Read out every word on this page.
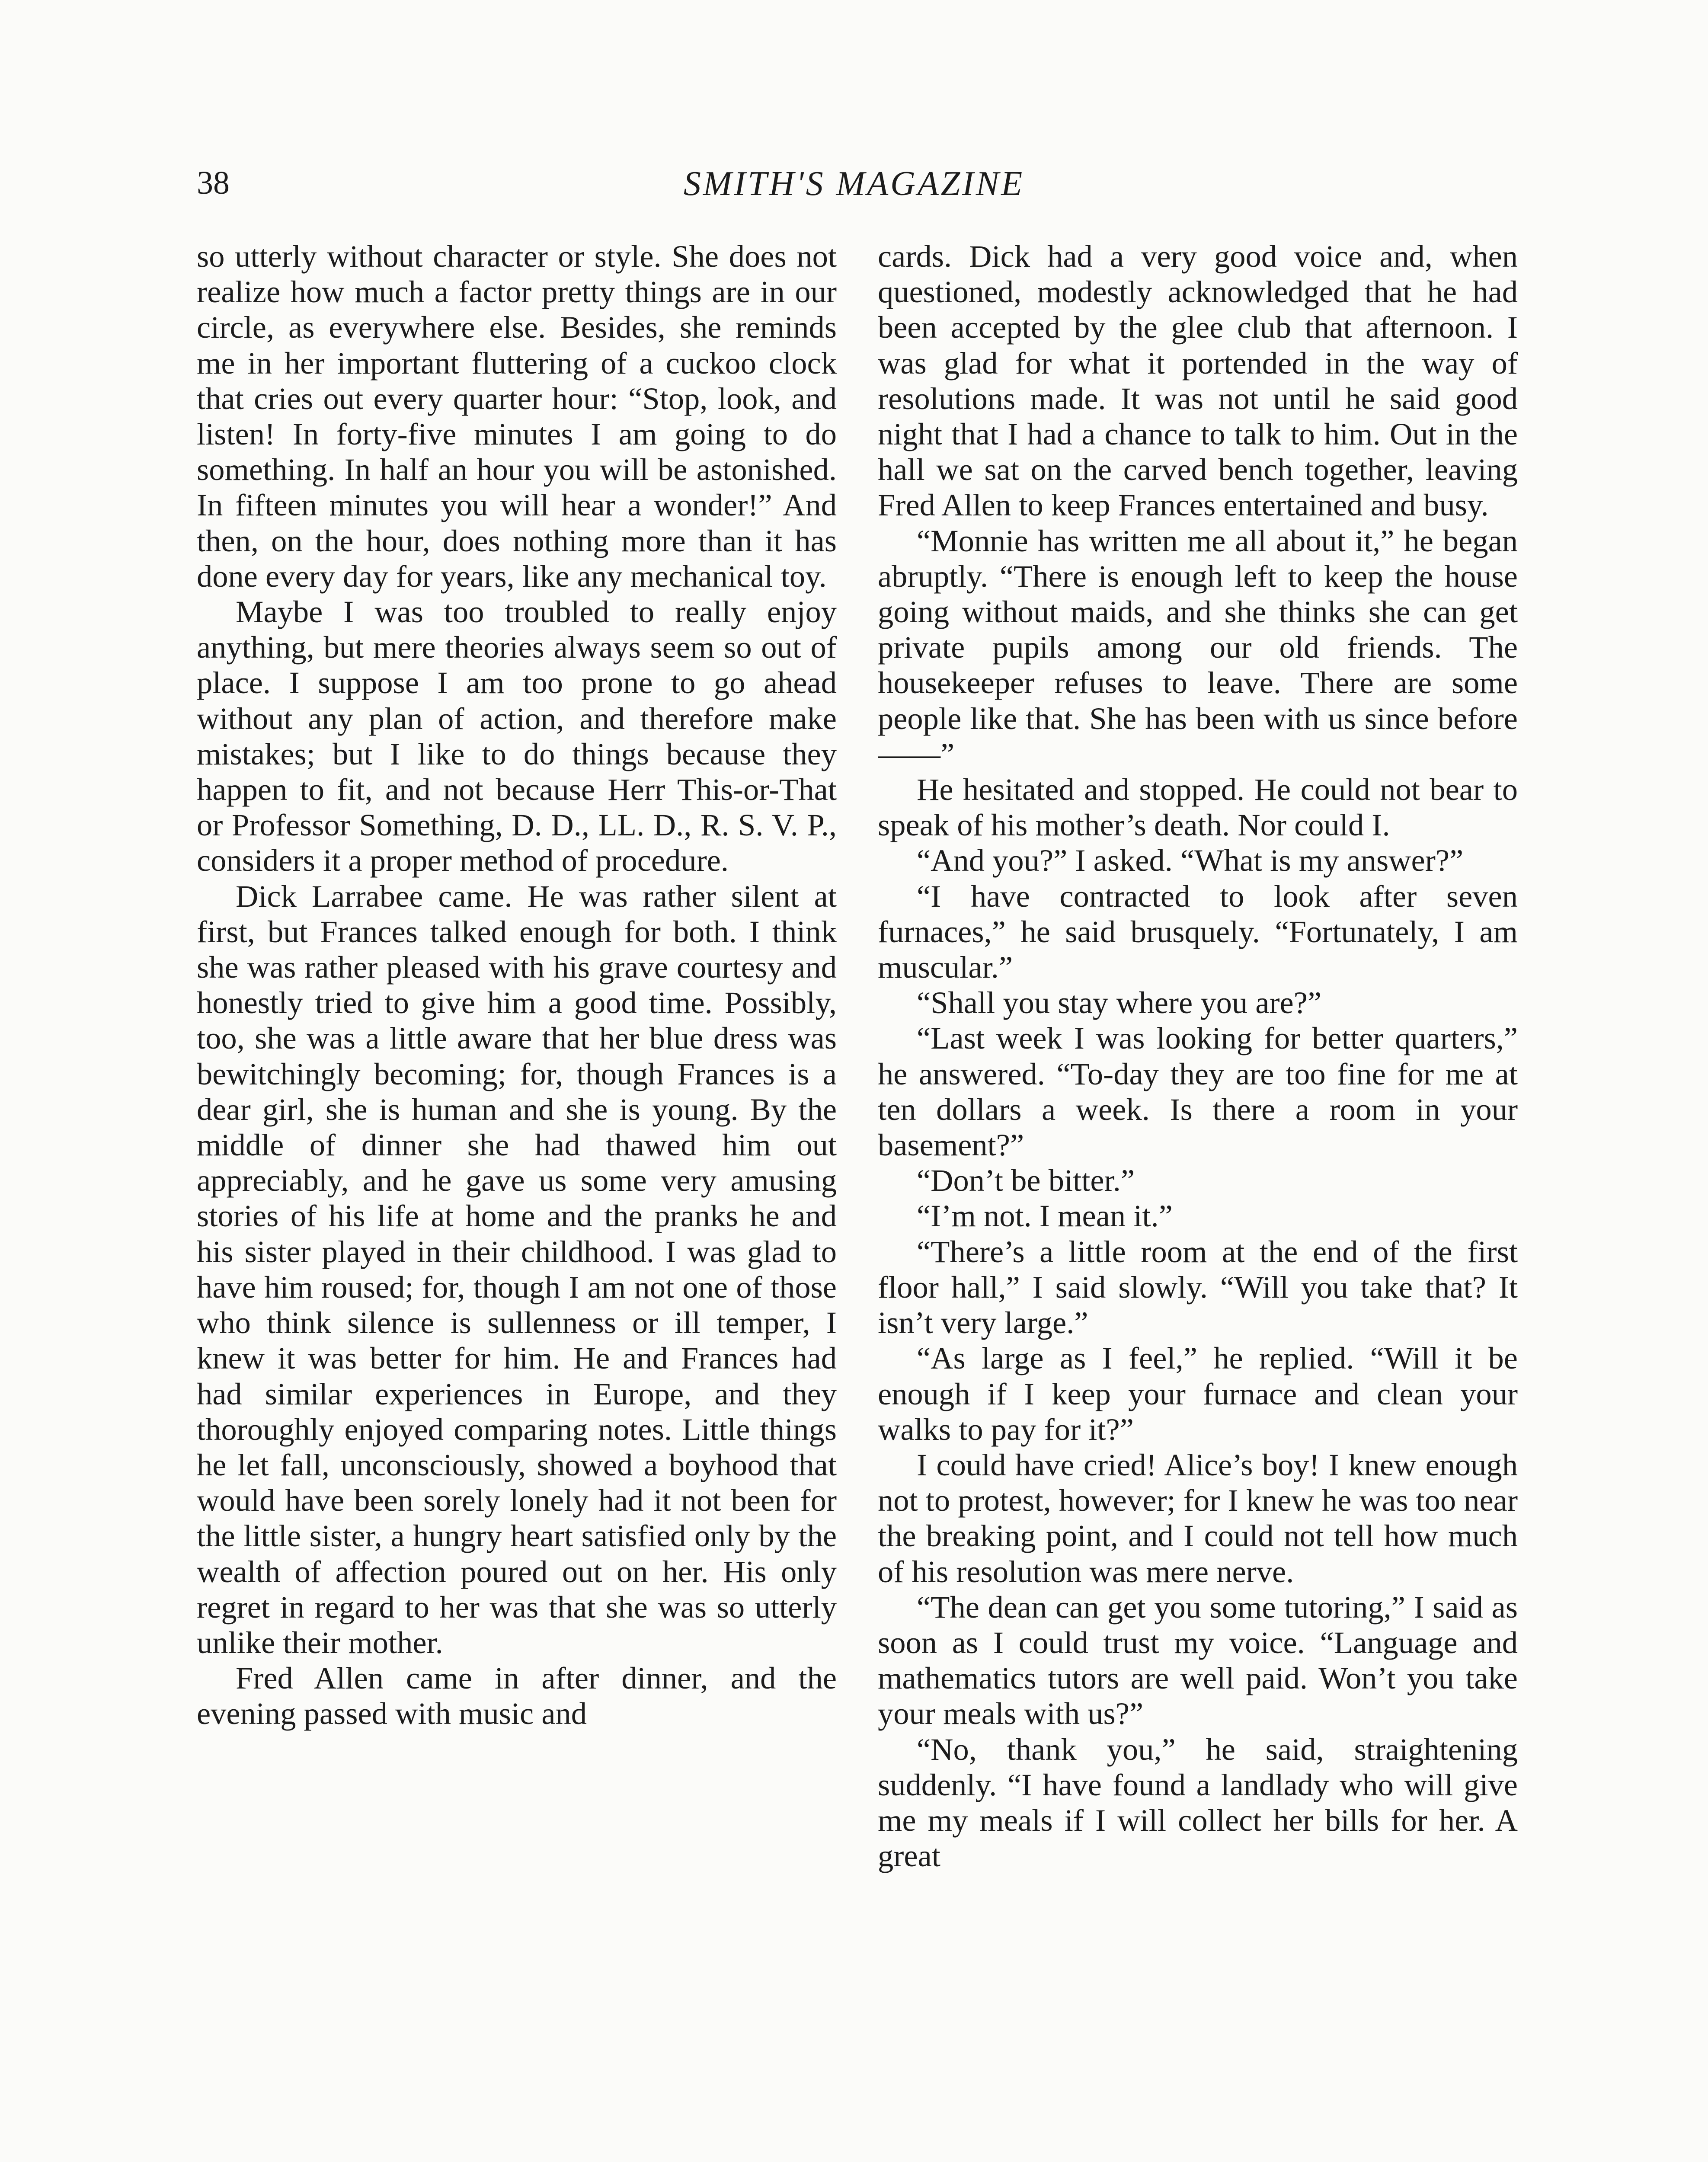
38	SMITH'S MAGAZINE

so utterly without character or style. She does not realize how much a factor pretty things are in our circle, as everywhere else. Besides, she reminds me in her important fluttering of a cuckoo clock that cries out every quarter hour: “Stop, look, and listen! In forty-five minutes I am going to do something. In half an hour you will be astonished. In fifteen minutes you will hear a wonder!” And then, on the hour, does nothing more than it has done every day for years, like any mechanical toy.

Maybe I was too troubled to really enjoy anything, but mere theories always seem so out of place. I suppose I am too prone to go ahead without any plan of action, and therefore make mistakes; but I like to do things because they happen to fit, and not because Herr This-or-That or Professor Something, D. D., LL. D., R. S. V. P., considers it a proper method of procedure.

Dick Larrabee came. He was rather silent at first, but Frances talked enough for both. I think she was rather pleased with his grave courtesy and honestly tried to give him a good time. Possibly, too, she was a little aware that her blue dress was bewitchingly becoming; for, though Frances is a dear girl, she is human and she is young. By the middle of dinner she had thawed him out appreciably, and he gave us some very amusing stories of his life at home and the pranks he and his sister played in their childhood. I was glad to have him roused; for, though I am not one of those who think silence is sullenness or ill temper, I knew it was better for him. He and Frances had had similar experiences in Europe, and they thoroughly enjoyed comparing notes. Little things he let fall, unconsciously, showed a boyhood that would have been sorely lonely had it not been for the little sister, a hungry heart satisfied only by the wealth of affection poured out on her. His only regret in regard to her was that she was so utterly unlike their mother.

Fred Allen came in after dinner, and the evening passed with music and

cards. Dick had a very good voice and, when questioned, modestly acknowledged that he had been accepted by the glee club that afternoon. I was glad for what it portended in the way of resolutions made. It was not until he said good night that I had a chance to talk to him. Out in the hall we sat on the carved bench together, leaving Fred Allen to keep Frances entertained and busy.

“Monnie has written me all about it,” he began abruptly. “There is enough left to keep the house going without maids, and she thinks she can get private pupils among our old friends. The housekeeper refuses to leave. There are some people like that. She has been with us since before——”

He hesitated and stopped. He could not bear to speak of his mother’s death. Nor could I.

“And you?” I asked. “What is my answer?”

“I have contracted to look after seven furnaces,” he said brusquely. “Fortunately, I am muscular.”

“Shall you stay where you are?”

“Last week I was looking for better quarters,” he answered. “To-day they are too fine for me at ten dollars a week. Is there a room in your basement?”

“Don’t be bitter.”

“I’m not. I mean it.”

“There’s a little room at the end of the first floor hall,” I said slowly. “Will you take that? It isn’t very large.”

“As large as I feel,” he replied. “Will it be enough if I keep your furnace and clean your walks to pay for it?”

I could have cried! Alice’s boy! I knew enough not to protest, however; for I knew he was too near the breaking point, and I could not tell how much of his resolution was mere nerve.

“The dean can get you some tutoring,” I said as soon as I could trust my voice. “Language and mathematics tutors are well paid. Won’t you take your meals with us?”

“No, thank you,” he said, straightening suddenly. “I have found a landlady who will give me my meals if I will collect her bills for her. A great
